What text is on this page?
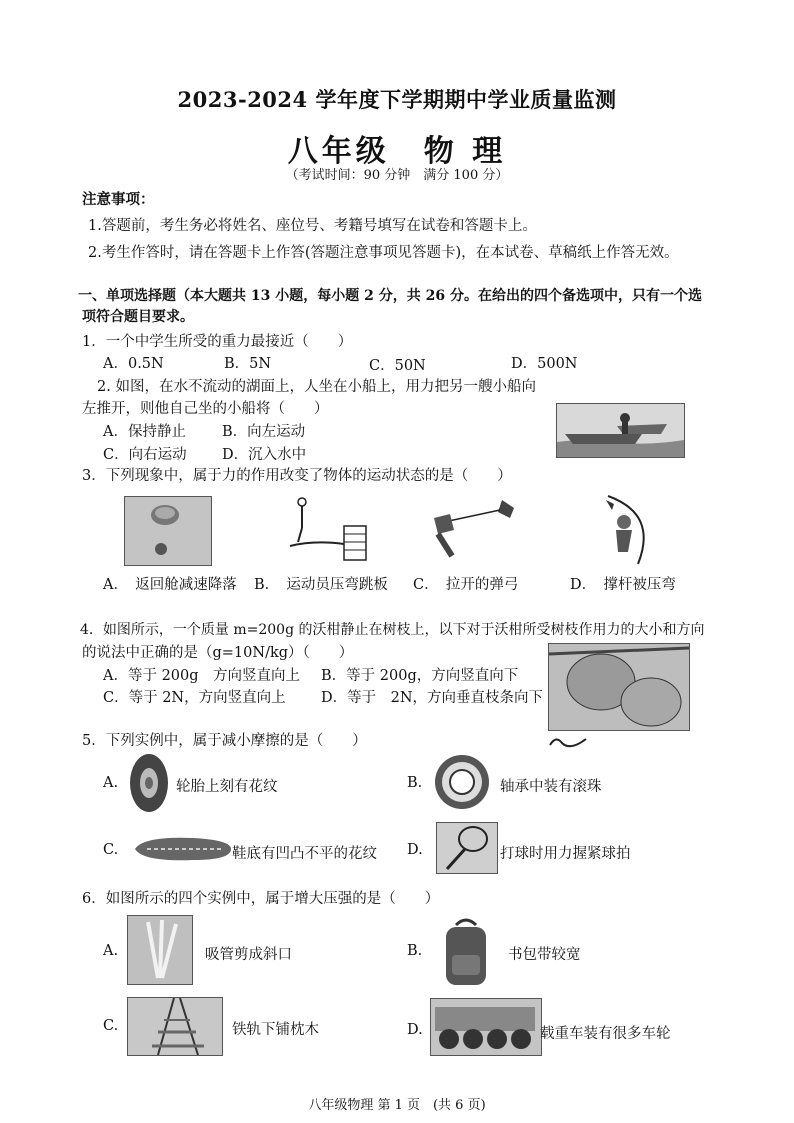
2023-2024 学年度下学期期中学业质量监测
八年级　物 理
（考试时间：90 分钟　满分 100 分）
注意事项：
1.答题前，考生务必将姓名、座位号、考籍号填写在试卷和答题卡上。
2.考生作答时，请在答题卡上作答(答题注意事项见答题卡)，在本试卷、草稿纸上作答无效。
一、单项选择题（本大题共 13 小题，每小题 2 分，共 26 分。在给出的四个备选项中，只有一个选
项符合题目要求。
1．一个中学生所受的重力最接近（　　）
A．0.5N	B．5N	C．50N	D．500N
2. 如图，在水不流动的湖面上，人坐在小船上，用力把另一艘小船向
左推开，则他自己坐的小船将（　　）
A．保持静止 B．向左运动
C．向右运动 D．沉入水中
3．下列现象中，属于力的作用改变了物体的运动状态的是（　　）
A．　返回舱减速降落 B．　运动员压弯跳板 C．　拉开的弹弓	D．　撑杆被压弯
4．如图所示，一个质量 m=200g 的沃柑静止在树枝上，以下对于沃柑所受树枝作用力的大小和方向
的说法中正确的是（g=10N/kg）（　　）
A．等于 200g　方向竖直向上 B．等于 200g，方向竖直向下
C．等于 2N，方向竖直向上 D．等于　2N，方向垂直枝条向下
5．下列实例中，属于减小摩擦的是（　　）
A.	轮胎上刻有花纹	B.	轴承中装有滚珠
C.	鞋底有凹凸不平的花纹 D.	打球时用力握紧球拍
6．如图所示的四个实例中，属于增大压强的是（　　）
A.	吸管剪成斜口	B.	书包带较宽
C.	铁轨下铺枕木	D.	载重车装有很多车轮
八年级物理 第 1 页　(共 6 页)
